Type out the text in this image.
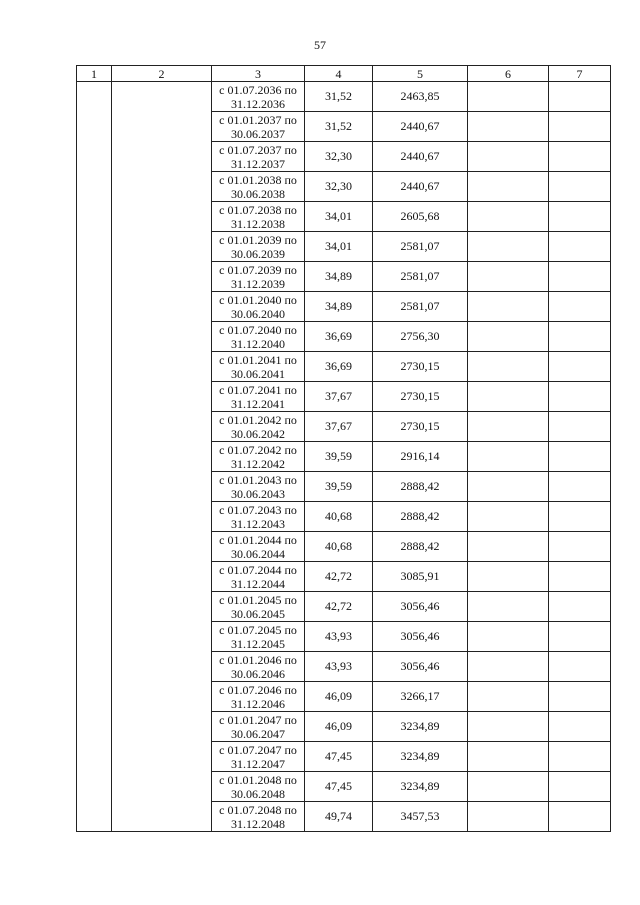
57
1	2	3	4	5	6	7
		с 01.07.2036 по 31.12.2036	31,52	2463,85		
		с 01.01.2037 по 30.06.2037	31,52	2440,67		
		с 01.07.2037 по 31.12.2037	32,30	2440,67		
		с 01.01.2038 по 30.06.2038	32,30	2440,67		
		с 01.07.2038 по 31.12.2038	34,01	2605,68		
		с 01.01.2039 по 30.06.2039	34,01	2581,07		
		с 01.07.2039 по 31.12.2039	34,89	2581,07		
		с 01.01.2040 по 30.06.2040	34,89	2581,07		
		с 01.07.2040 по 31.12.2040	36,69	2756,30		
		с 01.01.2041 по 30.06.2041	36,69	2730,15		
		с 01.07.2041 по 31.12.2041	37,67	2730,15		
		с 01.01.2042 по 30.06.2042	37,67	2730,15		
		с 01.07.2042 по 31.12.2042	39,59	2916,14		
		с 01.01.2043 по 30.06.2043	39,59	2888,42		
		с 01.07.2043 по 31.12.2043	40,68	2888,42		
		с 01.01.2044 по 30.06.2044	40,68	2888,42		
		с 01.07.2044 по 31.12.2044	42,72	3085,91		
		с 01.01.2045 по 30.06.2045	42,72	3056,46		
		с 01.07.2045 по 31.12.2045	43,93	3056,46		
		с 01.01.2046 по 30.06.2046	43,93	3056,46		
		с 01.07.2046 по 31.12.2046	46,09	3266,17		
		с 01.01.2047 по 30.06.2047	46,09	3234,89		
		с 01.07.2047 по 31.12.2047	47,45	3234,89		
		с 01.01.2048 по 30.06.2048	47,45	3234,89		
		с 01.07.2048 по 31.12.2048	49,74	3457,53		
